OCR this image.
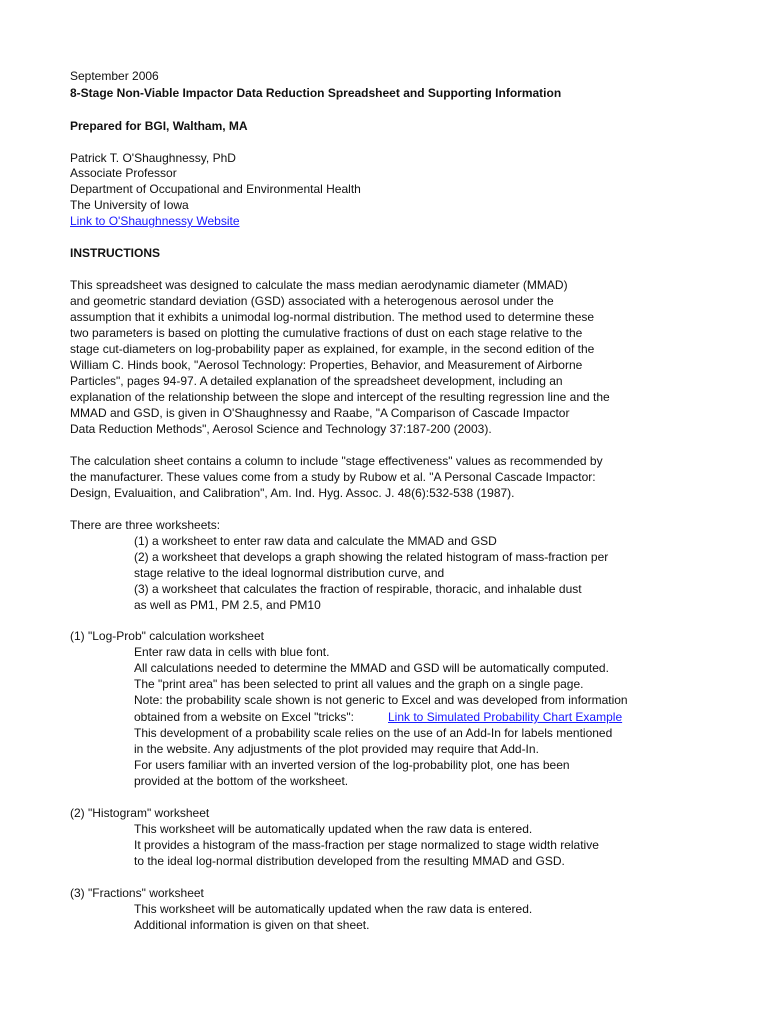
September 2006
8-Stage Non-Viable Impactor Data Reduction Spreadsheet and Supporting Information
Prepared for BGI, Waltham, MA
Patrick T. O'Shaughnessy, PhD
Associate Professor
Department of Occupational and Environmental Health
The University of Iowa
Link to O'Shaughnessy Website
INSTRUCTIONS
This spreadsheet was designed to calculate the mass median aerodynamic diameter (MMAD)
and geometric standard deviation (GSD) associated with a heterogenous aerosol under the
assumption that it exhibits a unimodal log-normal distribution. The method used to determine these
two parameters is based on plotting the cumulative fractions of dust on each stage relative to the
stage cut-diameters on log-probability paper as explained, for example, in the second edition of the
William C. Hinds book, "Aerosol Technology: Properties, Behavior, and Measurement of Airborne
Particles", pages 94-97. A detailed explanation of the spreadsheet development, including an
explanation of the relationship between the slope and intercept of the resulting regression line and the
MMAD and GSD, is given in O'Shaughnessy and Raabe, "A Comparison of Cascade Impactor
Data Reduction Methods", Aerosol Science and Technology 37:187-200 (2003).
The calculation sheet contains a column to include "stage effectiveness" values as recommended by
the manufacturer. These values come from a study by Rubow et al. "A Personal Cascade Impactor:
Design, Evaluaition, and Calibration", Am. Ind. Hyg. Assoc. J. 48(6):532-538 (1987).
There are three worksheets:
(1) a worksheet to enter raw data and calculate the MMAD and GSD
(2) a worksheet that develops a graph showing the related histogram of mass-fraction per
stage relative to the ideal lognormal distribution curve, and
(3) a worksheet that calculates the fraction of respirable, thoracic, and inhalable dust
as well as PM1, PM 2.5, and PM10
(1) "Log-Prob" calculation worksheet
Enter raw data in cells with blue font.
All calculations needed to determine the MMAD and GSD will be automatically computed.
The "print area" has been selected to print all values and the graph on a single page.
Note: the probability scale shown is not generic to Excel and was developed from information
obtained from a website on Excel "tricks":	Link to Simulated Probability Chart Example
This development of a probability scale relies on the use of an Add-In for labels mentioned
in the website. Any adjustments of the plot provided may require that Add-In.
For users familiar with an inverted version of the log-probability plot, one has been
provided at the bottom of the worksheet.
(2) "Histogram" worksheet
This worksheet will be automatically updated when the raw data is entered.
It provides a histogram of the mass-fraction per stage normalized to stage width relative
to the ideal log-normal distribution developed from the resulting MMAD and GSD.
(3) "Fractions" worksheet
This worksheet will be automatically updated when the raw data is entered.
Additional information is given on that sheet.
